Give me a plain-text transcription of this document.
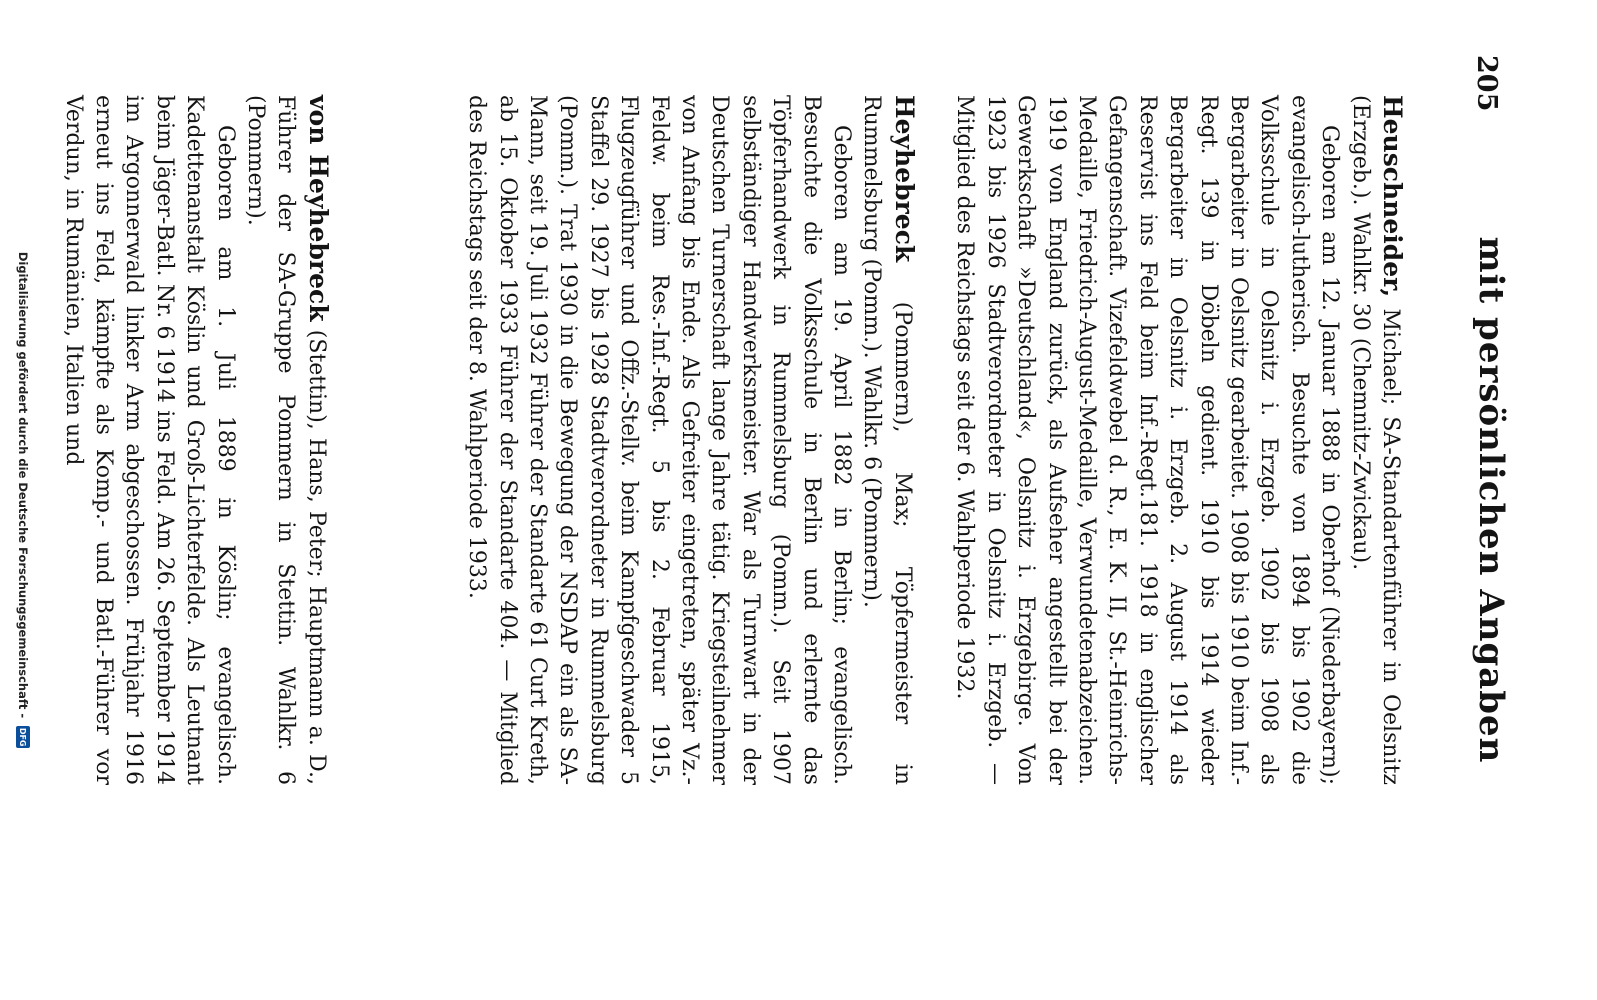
205
mit persönlichen Angaben

Heuschneider, Michael; SA-Standartenführer in Oelsnitz (Erzgeb.). Wahlkr. 30 (Chemnitz-Zwickau).
Geboren am 12. Januar 1888 in Oberhof (Niederbayern); evangelisch-lutherisch. Besuchte von 1894 bis 1902 die Volksschule in Oelsnitz i. Erzgeb. 1902 bis 1908 als Bergarbeiter in Oelsnitz gearbeitet. 1908 bis 1910 beim Inf.-Regt. 139 in Döbeln gedient. 1910 bis 1914 wieder Bergarbeiter in Oelsnitz i. Erzgeb. 2. August 1914 als Reservist ins Feld beim Inf.-Regt.181. 1918 in englischer Gefangenschaft. Vizefeldwebel d. R., E. K. II, St.-Heinrichs-Medaille, Friedrich-August-Medaille, Verwundetenabzeichen. 1919 von England zurück, als Aufseher angestellt bei der Gewerkschaft »Deutschland«, Oelsnitz i. Erzgebirge. Von 1923 bis 1926 Stadtverordneter in Oelsnitz i. Erzgeb. — Mitglied des Reichstags seit der 6. Wahlperiode 1932.

Heyhebreck (Pommern), Max; Töpfermeister in Rummelsburg (Pomm.). Wahlkr. 6 (Pommern).
Geboren am 19. April 1882 in Berlin; evangelisch. Besuchte die Volksschule in Berlin und erlernte das Töpferhandwerk in Rummelsburg (Pomm.). Seit 1907 selbständiger Handwerksmeister. War als Turnwart in der Deutschen Turnerschaft lange Jahre tätig. Kriegsteilnehmer von Anfang bis Ende. Als Gefreiter eingetreten, später Vz.-Feldw. beim Res.-Inf.-Regt. 5 bis 2. Februar 1915, Flugzeugführer und Offz.-Stellv. beim Kampfgeschwader 5 Staffel 29. 1927 bis 1928 Stadtverordneter in Rummelsburg (Pomm.). Trat 1930 in die Bewegung der NSDAP ein als SA-Mann, seit 19. Juli 1932 Führer der Standarte 61 Curt Kreth, ab 15. Oktober 1933 Führer der Standarte 404. — Mitglied des Reichstags seit der 8. Wahlperiode 1933.

von Heyhebreck (Stettin), Hans, Peter; Hauptmann a. D., Führer der SA-Gruppe Pommern in Stettin. Wahlkr. 6 (Pommern).
Geboren am 1. Juli 1889 in Köslin; evangelisch. Kadettenanstalt Köslin und Groß-Lichterfelde. Als Leutnant beim Jäger-Batl. Nr. 6 1914 ins Feld. Am 26. September 1914 im Argonnerwald linker Arm abgeschossen. Frühjahr 1916 erneut ins Feld, kämpfte als Komp.- und Batl.-Führer vor Verdun, in Rumänien, Italien und

Digitalisierung gefördert durch die Deutsche Forschungsgemeinschaft -
DFG
